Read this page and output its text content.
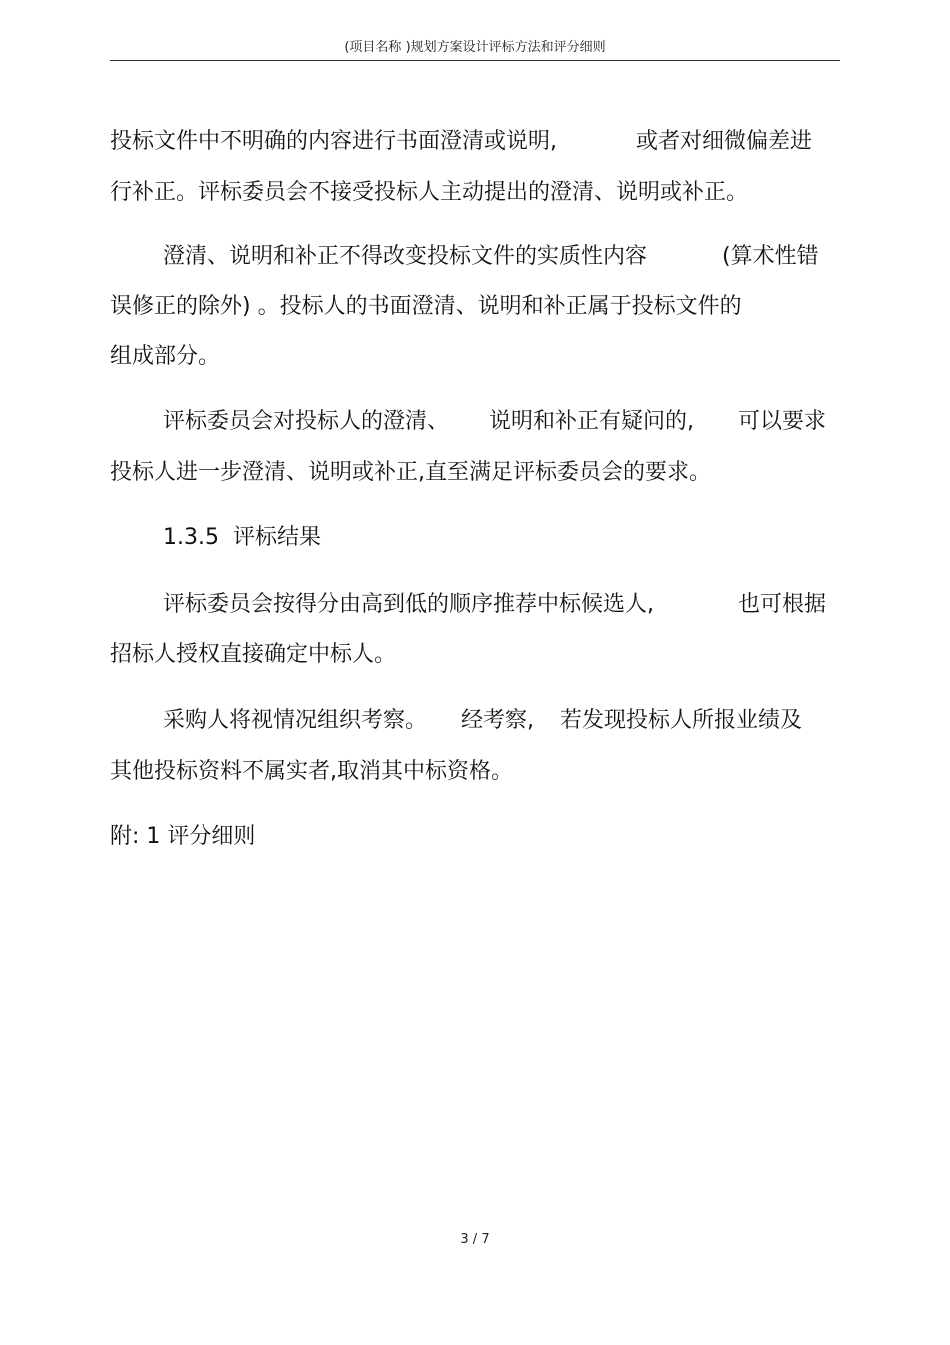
(项目名称 )规划方案设计评标方法和评分细则
投标文件中不明确的内容进行书面澄清或说明,	或者对细微偏差进
行补正。评标委员会不接受投标人主动提出的澄清、说明或补正。
澄清、说明和补正不得改变投标文件的实质性内容	(算术性错
误修正的除外) 。投标人的书面澄清、说明和补正属于投标文件的
组成部分。
评标委员会对投标人的澄清、 说明和补正有疑问的, 可以要求
投标人进一步澄清、说明或补正,直至满足评标委员会的要求。
1.3.5 评标结果
评标委员会按得分由高到低的顺序推荐中标候选人,	也可根据
招标人授权直接确定中标人。
采购人将视情况组织考察。 经考察, 若发现投标人所报业绩及
其他投标资料不属实者,取消其中标资格。
附: 1 评分细则
3 / 7
